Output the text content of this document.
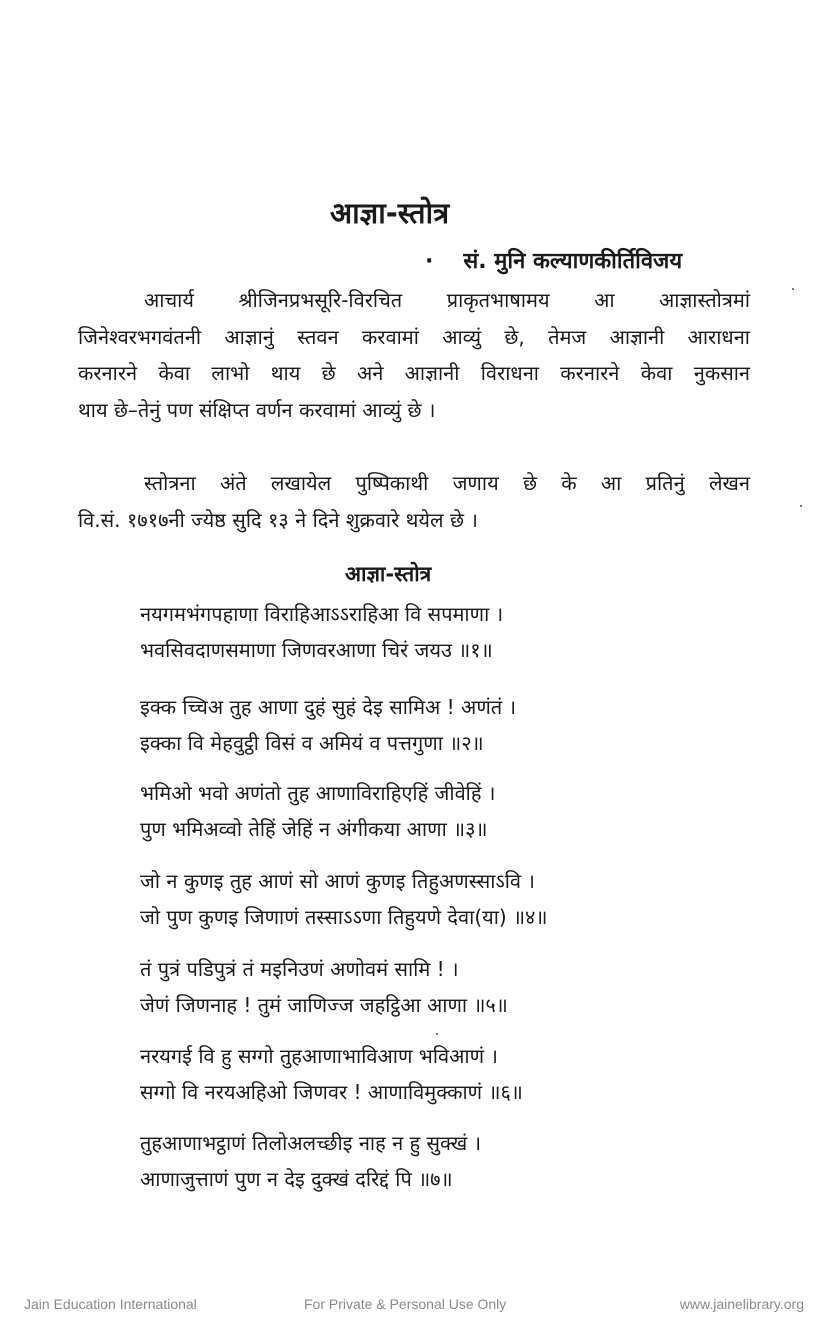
आज्ञा-स्तोत्र
· सं. मुनि कल्याणकीर्तिविजय
आचार्य श्रीजिनप्रभसूरि-विरचित प्राकृतभाषामय आ आज्ञास्तोत्रमां
जिनेश्वरभगवंतनी आज्ञानुं स्तवन करवामां आव्युं छे, तेमज आज्ञानी आराधना
करनारने केवा लाभो थाय छे अने आज्ञानी विराधना करनारने केवा नुकसान
थाय छे–तेनुं पण संक्षिप्त वर्णन करवामां आव्युं छे ।
स्तोत्रना अंते लखायेल पुष्पिकाथी जणाय छे के आ प्रतिनुं लेखन
वि.सं. १७१७नी ज्येष्ठ सुदि १३ ने दिने शुक्रवारे थयेल छे ।
आज्ञा-स्तोत्र
नयगमभंगपहाणा विराहिआऽऽराहिआ वि सपमाणा ।
भवसिवदाणसमाणा जिणवरआणा चिरं जयउ ॥१॥
इक्क च्चिअ तुह आणा दुहं सुहं देइ सामिअ ! अणंतं ।
इक्का वि मेहवुट्ठी विसं व अमियं व पत्तगुणा ॥२॥
भमिओ भवो अणंतो तुह आणाविराहिएहिं जीवेहिं ।
पुण भमिअव्वो तेहिं जेहिं न अंगीकया आणा ॥३॥
जो न कुणइ तुह आणं सो आणं कुणइ तिहुअणस्साऽवि ।
जो पुण कुणइ जिणाणं तस्साऽऽणा तिहुयणे देवा(या) ॥४॥
तं पुत्रं पडिपुत्रं तं मइनिउणं अणोवमं सामि ! ।
जेणं जिणनाह ! तुमं जाणिज्ज जहट्ठिआ आणा ॥५॥
नरयगई वि हु सग्गो तुहआणाभाविआण भविआणं ।
सग्गो वि नरयअहिओ जिणवर ! आणाविमुक्काणं ॥६॥
तुहआणाभट्ठाणं तिलोअलच्छीइ नाह न हु सुक्खं ।
आणाजुत्ताणं पुण न देइ दुक्खं दरिद्दं पि ॥७॥
Jain Education International	For Private & Personal Use Only	www.jainelibrary.org
